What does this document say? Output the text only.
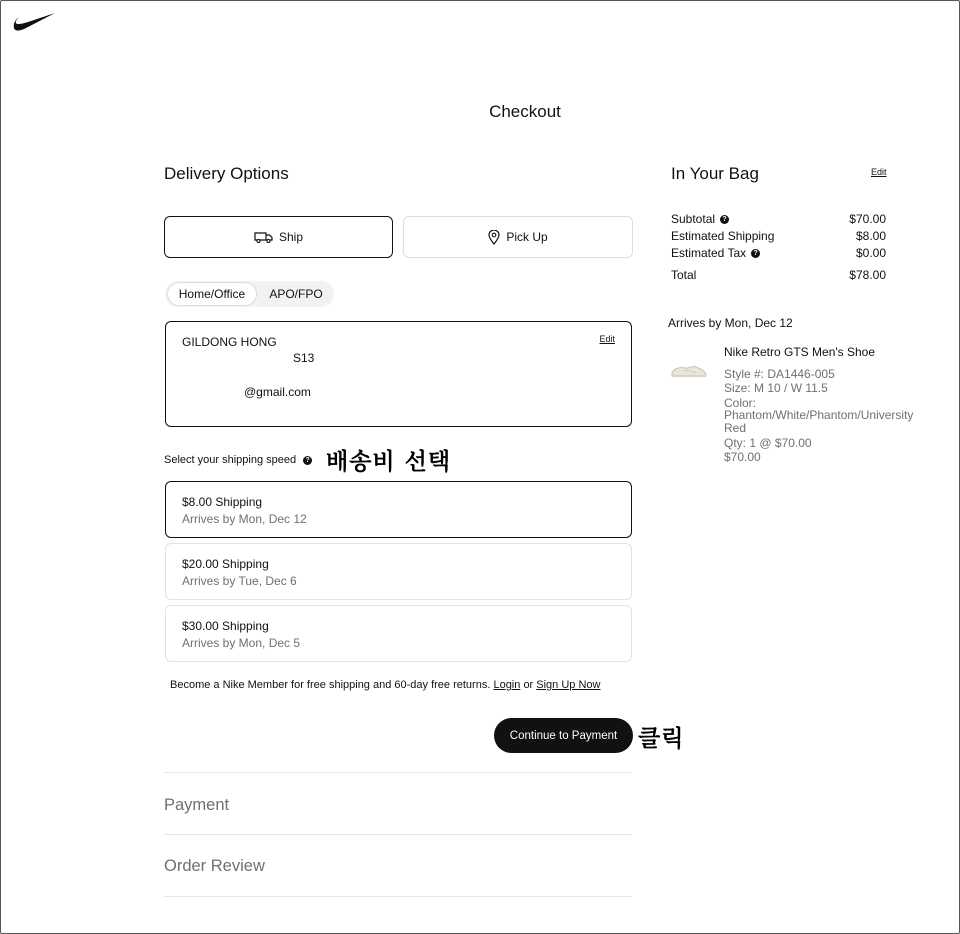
Checkout
Delivery Options
Ship	Pick Up
Home/Office	APO/FPO
GILDONG HONG
S13
@gmail.com
Edit
Select your shipping speed	? 배송비 선택
$8.00 Shipping
Arrives by Mon, Dec 12
$20.00 Shipping
Arrives by Tue, Dec 6
$30.00 Shipping
Arrives by Mon, Dec 5
Become a Nike Member for free shipping and 60-day free returns. Login or Sign Up Now
Continue to Payment 클릭
Payment
Order Review
In Your Bag	Edit
Subtotal	?	$70.00
Estimated Shipping	$8.00
Estimated Tax	?	$0.00
Total	$78.00
Arrives by Mon, Dec 12
Nike Retro GTS Men's Shoe
Style #: DA1446-005
Size: M 10 / W 11.5
Color:
Phantom/White/Phantom/University
Red
Qty: 1 @ $70.00
$70.00
